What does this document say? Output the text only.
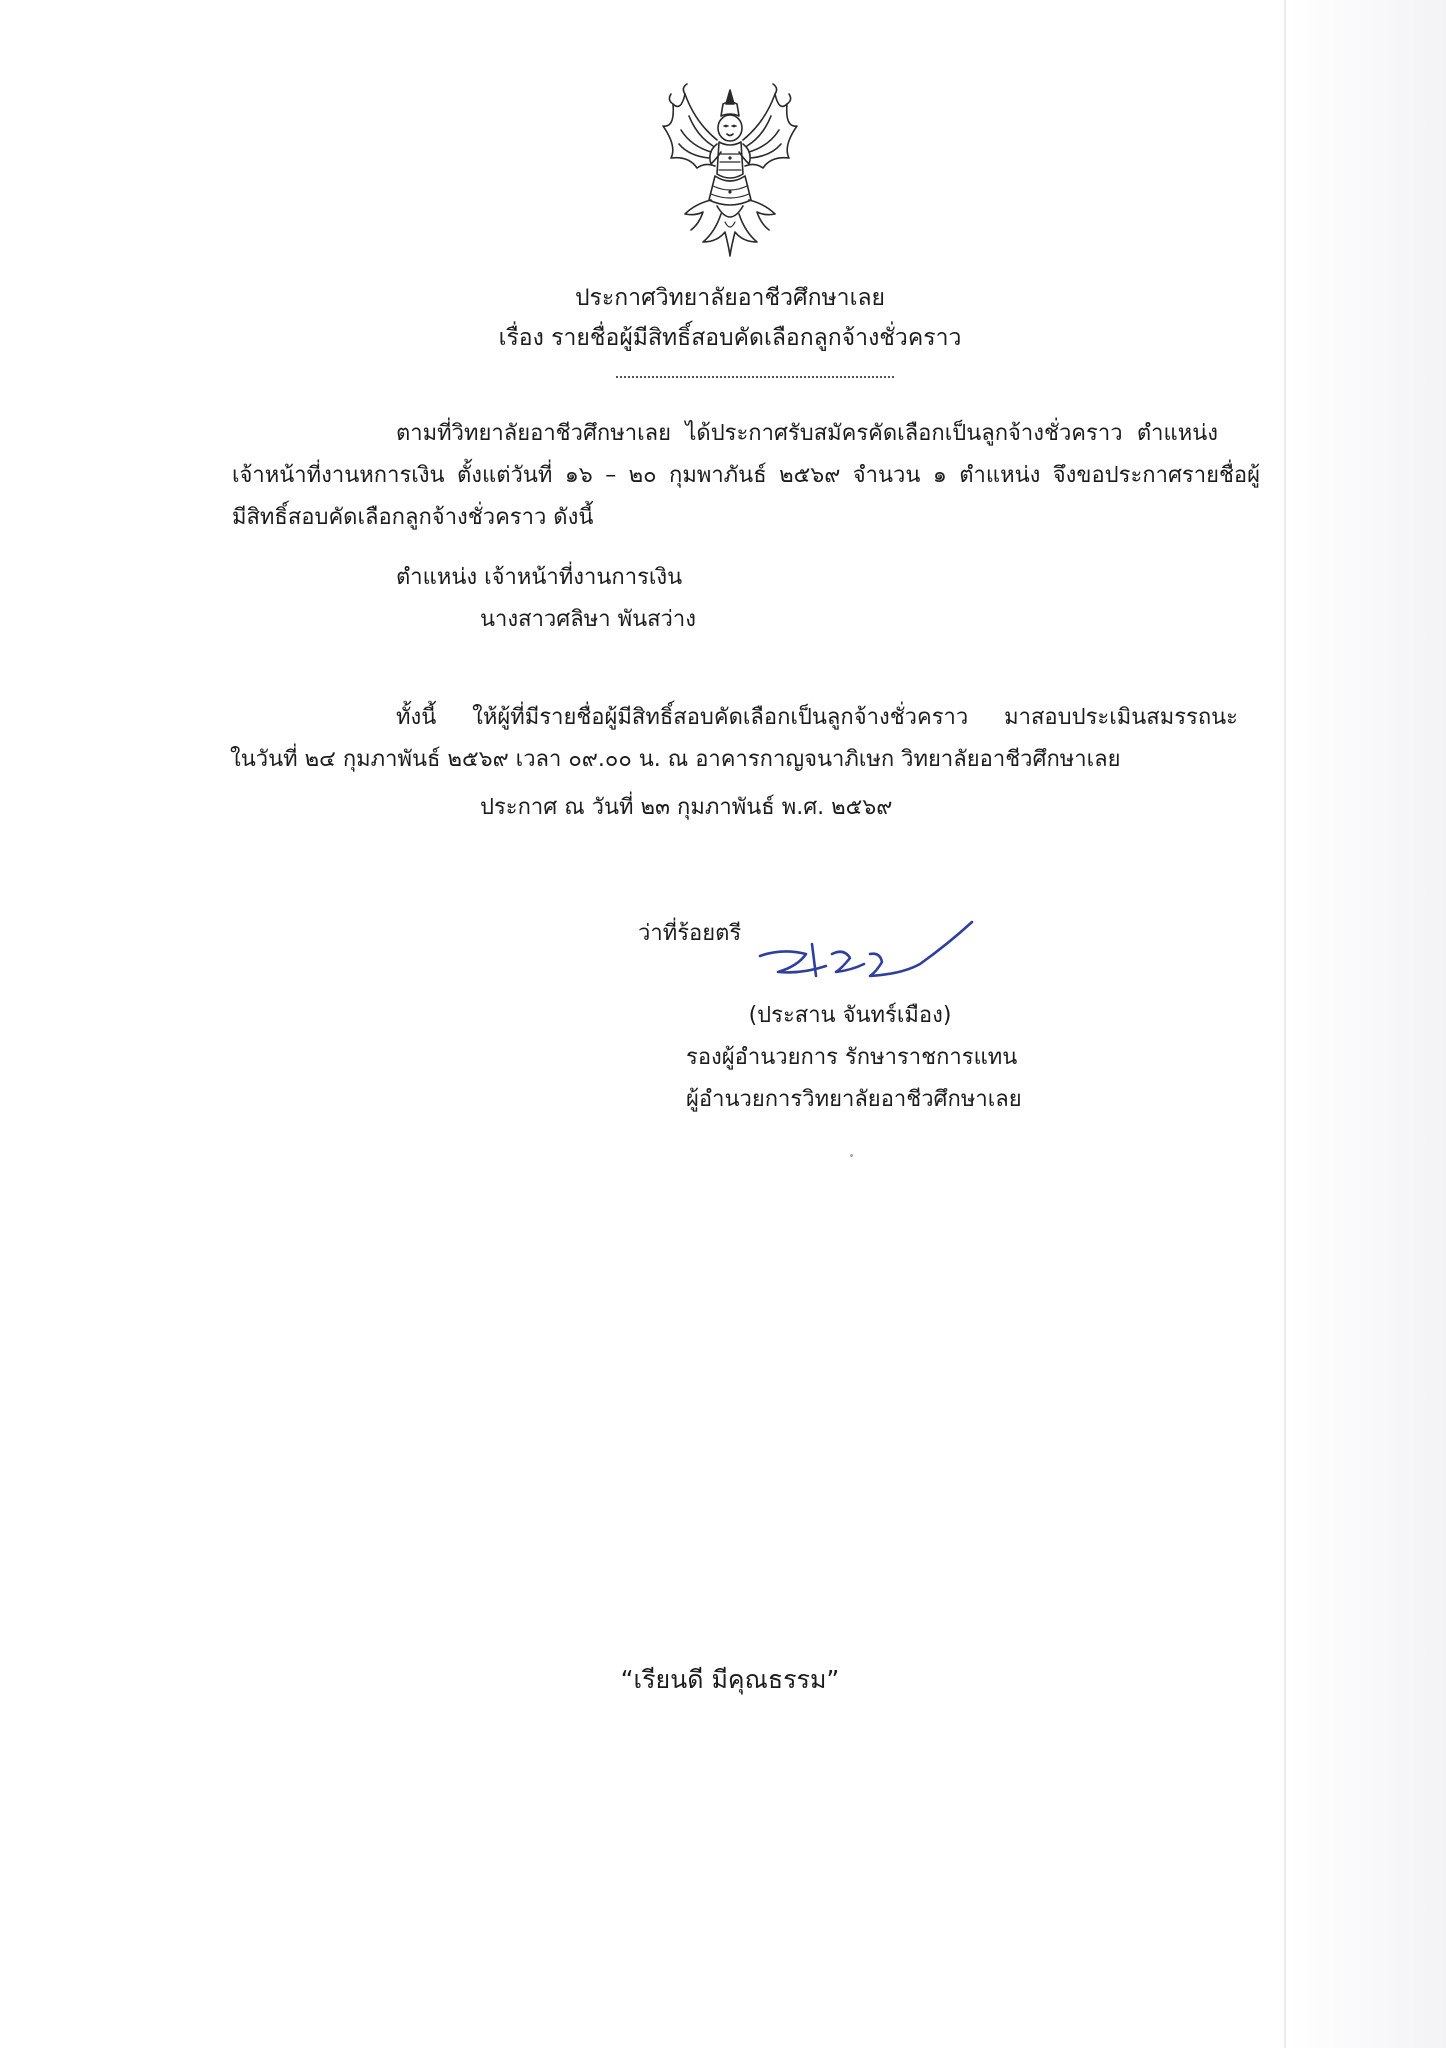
ประกาศวิทยาลัยอาชีวศึกษาเลย
เรื่อง รายชื่อผู้มีสิทธิ์สอบคัดเลือกลูกจ้างชั่วคราว
ตามที่วิทยาลัยอาชีวศึกษาเลย ได้ประกาศรับสมัครคัดเลือกเป็นลูกจ้างชั่วคราว ตำแหน่ง
เจ้าหน้าที่งานหการเงิน ตั้งแต่วันที่ ๑๖ – ๒๐ กุมพาภันธ์ ๒๕๖๙ จำนวน ๑ ตำแหน่ง จึงขอประกาศรายชื่อผู้
มีสิทธิ์สอบคัดเลือกลูกจ้างชั่วคราว ดังนี้
ตำแหน่ง เจ้าหน้าที่งานการเงิน
นางสาวศลิษา พันสว่าง
ทั้งนี้ ให้ผู้ที่มีรายชื่อผู้มีสิทธิ์สอบคัดเลือกเป็นลูกจ้างชั่วคราว มาสอบประเมินสมรรถนะ
ในวันที่ ๒๔ กุมภาพันธ์ ๒๕๖๙ เวลา ๐๙.๐๐ น. ณ อาคารกาญจนาภิเษก วิทยาลัยอาชีวศึกษาเลย
ประกาศ ณ วันที่ ๒๓ กุมภาพันธ์ พ.ศ. ๒๕๖๙
ว่าที่ร้อยตรี
(ประสาน จันทร์เมือง)
รองผู้อำนวยการ รักษาราชการแทน
ผู้อำนวยการวิทยาลัยอาชีวศึกษาเลย
“เรียนดี มีคุณธรรม”
